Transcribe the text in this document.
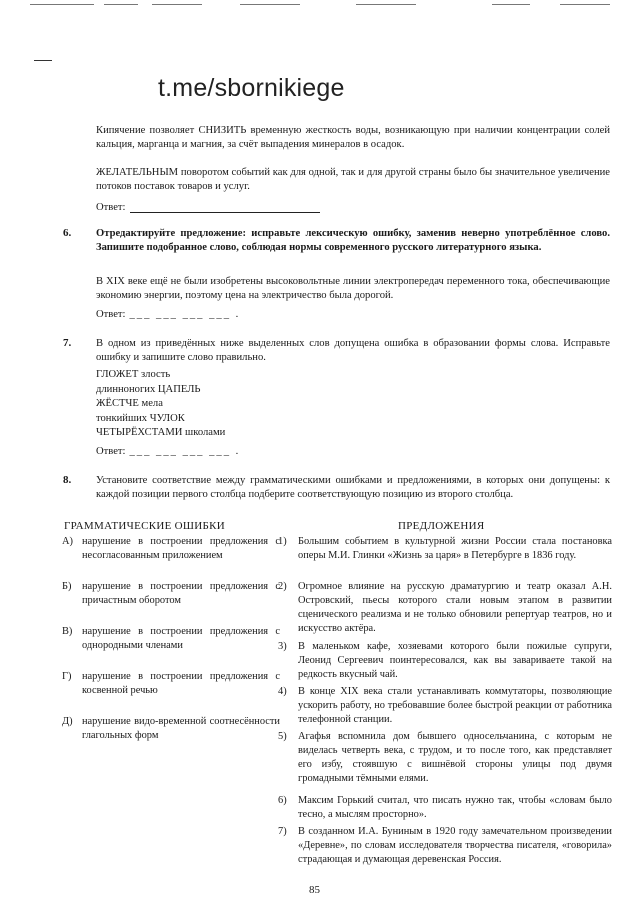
t.me/sbornikiege
Кипячение позволяет СНИЗИТЬ временную жесткость воды, возникающую при наличии концентрации солей кальция, марганца и магния, за счёт выпадения минералов в осадок.
ЖЕЛАТЕЛЬНЫМ поворотом событий как для одной, так и для другой страны было бы значительное увеличение потоков поставок товаров и услуг.
Ответ:
6. Отредактируйте предложение: исправьте лексическую ошибку, заменив неверно употреблённое слово. Запишите подобранное слово, соблюдая нормы современного русского литературного языка.
В XIX веке ещё не были изобретены высоковольтные линии электропередач переменного тока, обеспечивающие экономию энергии, поэтому цена на электричество была дорогой.
Ответ: ___ ___ ___ ___ .
7. В одном из приведённых ниже выделенных слов допущена ошибка в образовании формы слова. Исправьте ошибку и запишите слово правильно.
ГЛОЖЕТ злость
длинноногих ЦАПЕЛЬ
ЖЁСТЧЕ мела
тонкийших ЧУЛОК
ЧЕТЫРЁХСТАМИ школами
Ответ: ___ ___ ___ ___ .
8. Установите соответствие между грамматическими ошибками и предложениями, в которых они допущены: к каждой позиции первого столбца подберите соответствующую позицию из второго столбца.
ГРАММАТИЧЕСКИЕ ОШИБКИ	ПРЕДЛОЖЕНИЯ
А) нарушение в построении предложения с несогласованным приложением
Б) нарушение в построении предложения с причастным оборотом
В) нарушение в построении предложения с однородными членами
Г) нарушение в построении предложения с косвенной речью
Д) нарушение видо-временной соотнесённости глагольных форм
1) Большим событием в культурной жизни России стала постановка оперы М.И. Глинки «Жизнь за царя» в Петербурге в 1836 году.
2) Огромное влияние на русскую драматургию и театр оказал А.Н. Островский, пьесы которого стали новым этапом в развитии сценического реализма и не только обновили репертуар театров, но и искусство актёра.
3) В маленьком кафе, хозяевами которого были пожилые супруги, Леонид Сергеевич поинтересовался, как вы завариваете такой на редкость вкусный чай.
4) В конце XIX века стали устанавливать коммутаторы, позволяющие ускорить работу, но требовавшие более быстрой реакции от работника телефонной станции.
5) Агафья вспомнила дом бывшего односельчанина, с которым не виделась четверть века, с трудом, и то после того, как представляет его избу, стоявшую с вишнёвой стороны улицы под двумя громадными тёмными елями.
6) Максим Горький считал, что писать нужно так, чтобы «словам было тесно, а мыслям просторно».
7) В созданном И.А. Буниным в 1920 году замечательном произведении «Деревне», по словам исследователя творчества писателя, «говорила» страдающая и думающая деревенская Россия.
85
